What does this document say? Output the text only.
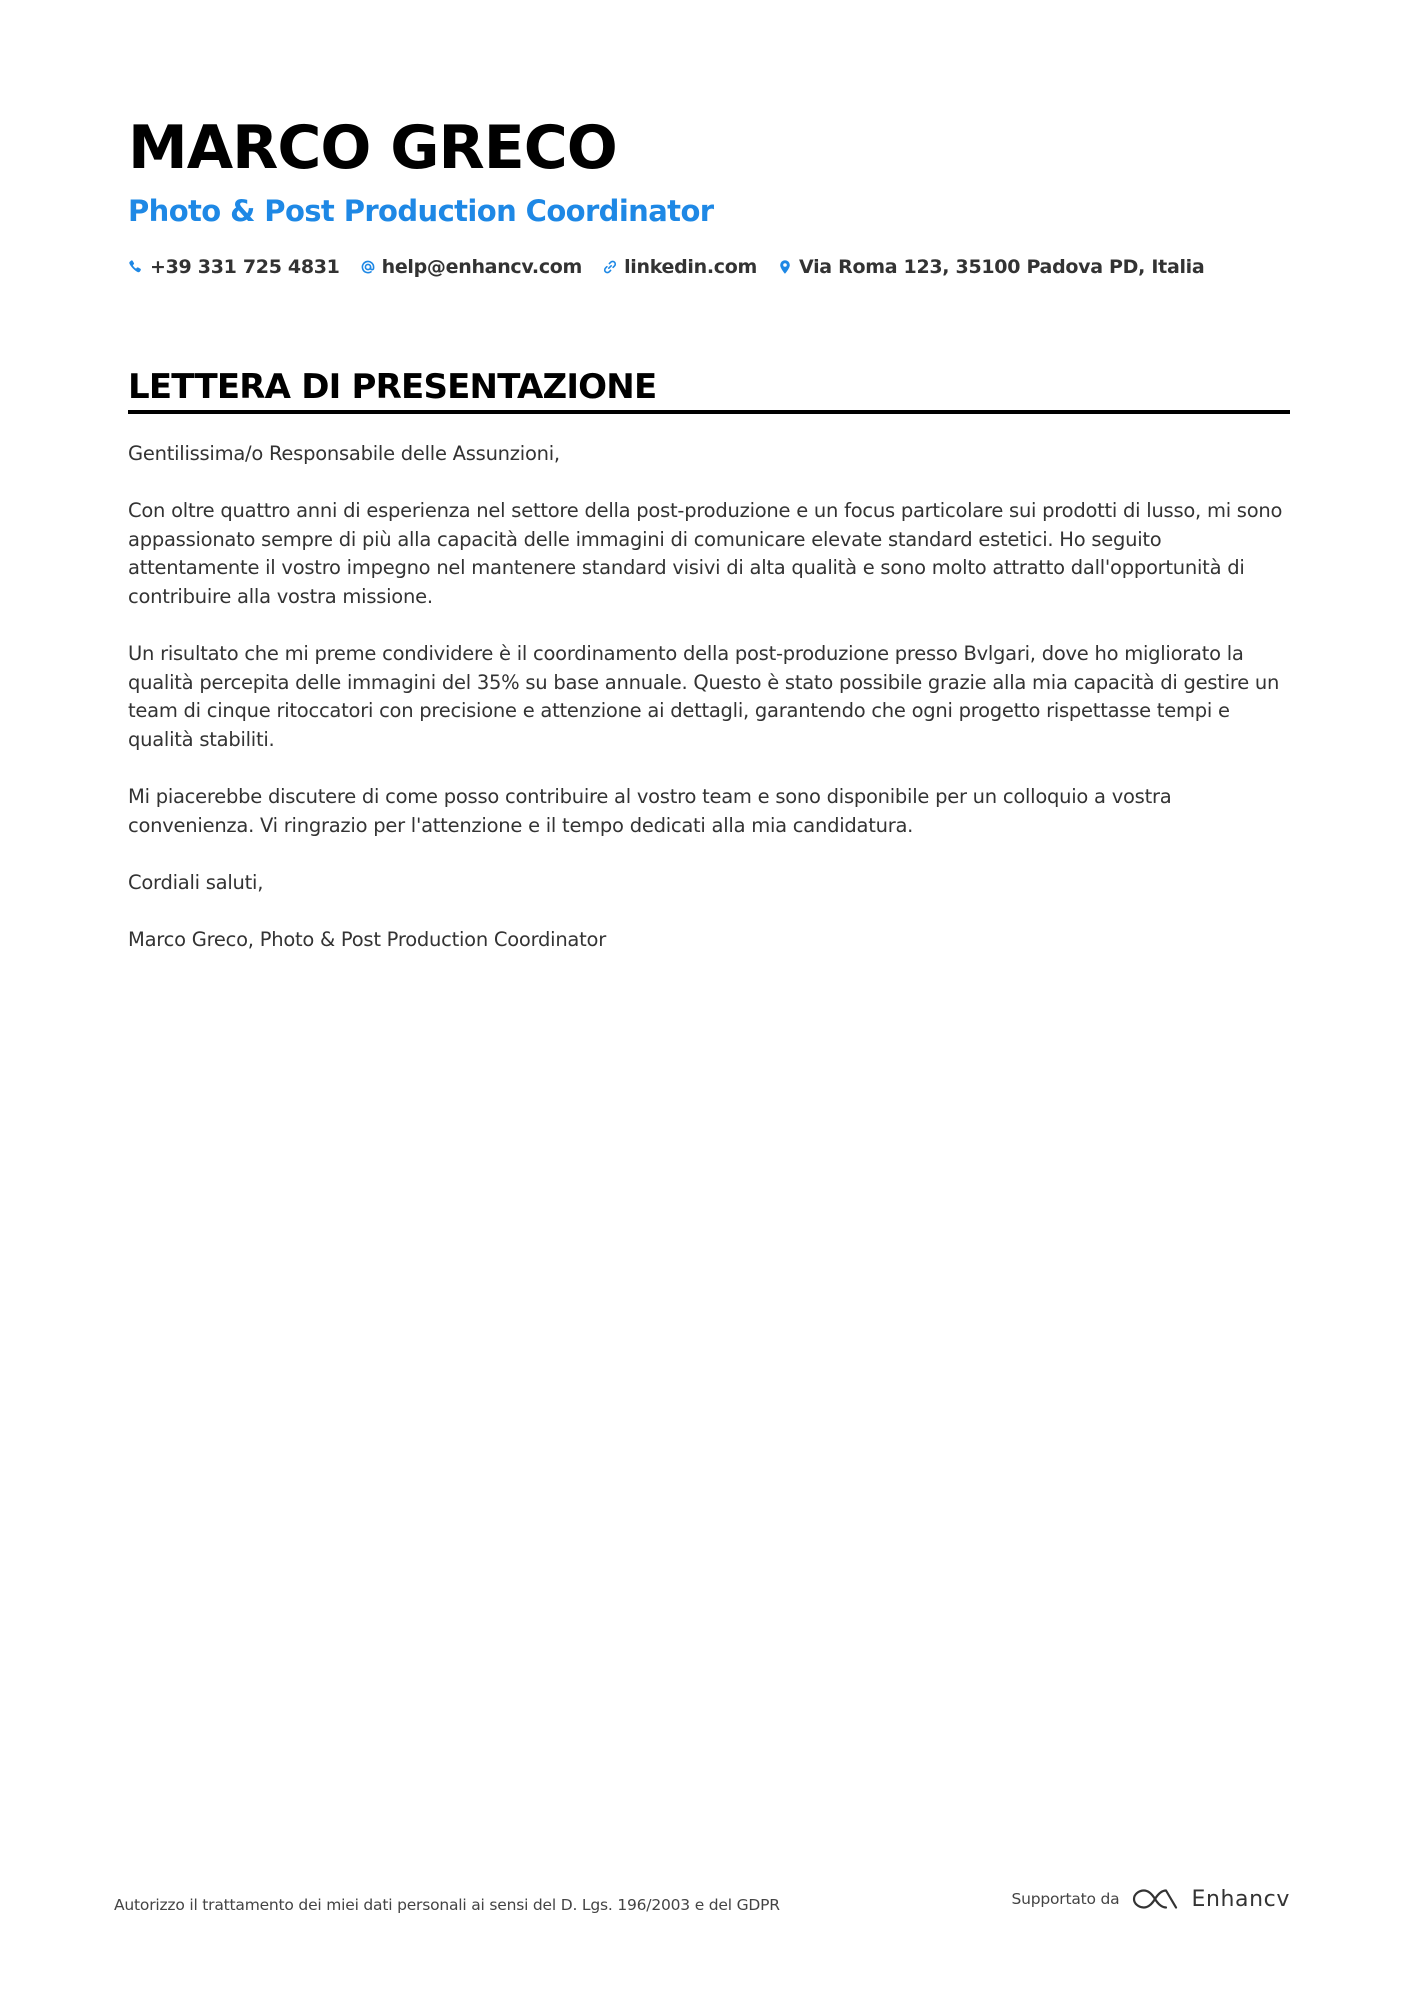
MARCO GRECO
Photo & Post Production Coordinator
+39 331 725 4831 help@enhancv.com linkedin.com Via Roma 123, 35100 Padova PD, Italia
LETTERA DI PRESENTAZIONE

Gentilissima/o Responsabile delle Assunzioni,

Con oltre quattro anni di esperienza nel settore della post-produzione e un focus particolare sui prodotti di lusso, mi sono appassionato sempre di più alla capacità delle immagini di comunicare elevate standard estetici. Ho seguito attentamente il vostro impegno nel mantenere standard visivi di alta qualità e sono molto attratto dall'opportunità di contribuire alla vostra missione.

Un risultato che mi preme condividere è il coordinamento della post-produzione presso Bvlgari, dove ho migliorato la qualità percepita delle immagini del 35% su base annuale. Questo è stato possibile grazie alla mia capacità di gestire un team di cinque ritoccatori con precisione e attenzione ai dettagli, garantendo che ogni progetto rispettasse tempi e qualità stabiliti.

Mi piacerebbe discutere di come posso contribuire al vostro team e sono disponibile per un colloquio a vostra convenienza. Vi ringrazio per l'attenzione e il tempo dedicati alla mia candidatura.

Cordiali saluti,

Marco Greco, Photo & Post Production Coordinator

Autorizzo il trattamento dei miei dati personali ai sensi del D. Lgs. 196/2003 e del GDPR	Supportato da	Enhancv
